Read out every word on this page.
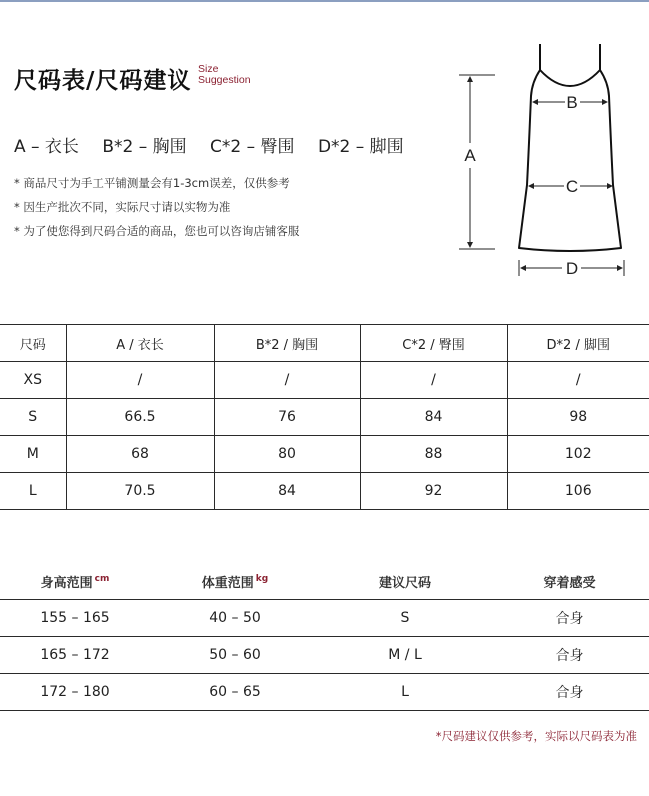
尺码表/尺码建议 Size
Suggestion
A – 衣长 B*2 – 胸围 C*2 – 臀围 D*2 – 脚围
* 商品尺寸为手工平铺测量会有1-3cm误差，仅供参考
* 因生产批次不同，实际尺寸请以实物为准
* 为了使您得到尺码合适的商品，您也可以咨询店铺客服
A
B
C
D
尺码	A / 衣长	B*2 / 胸围	C*2 / 臀围	D*2 / 脚围
XS	/	/	/	/
S	66.5	76	84	98
M	68	80	88	102
L	70.5	84	92	106
身高范围 $^{cm}$	体重范围 $^{kg}$	建议尺码	穿着感受
155 – 165	40 – 50	S	合身
165 – 172	50 – 60	M / L	合身
172 – 180	60 – 65	L	合身
*尺码建议仅供参考，实际以尺码表为准
